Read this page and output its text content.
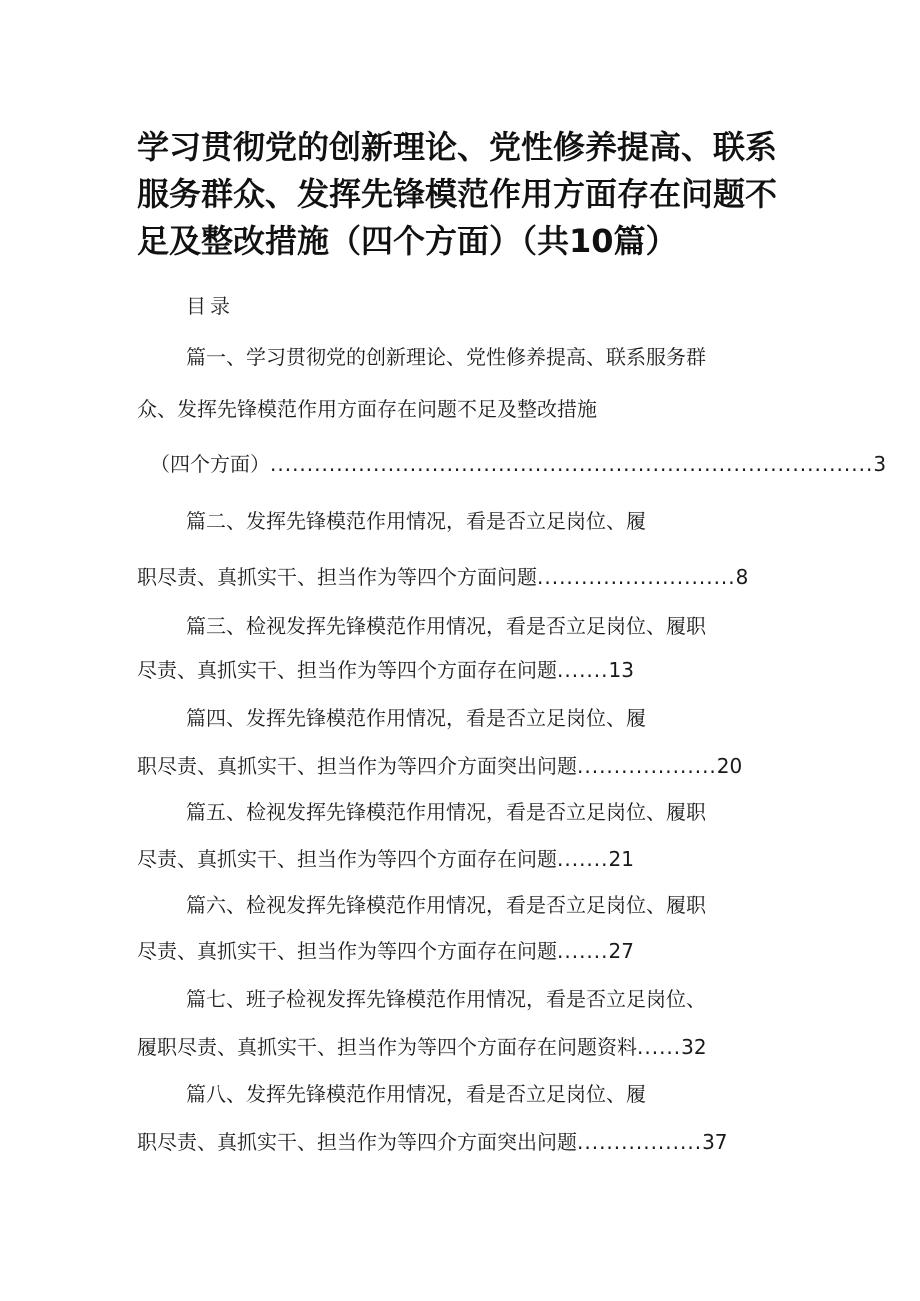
学习贯彻党的创新理论、党性修养提高、联系
服务群众、发挥先锋模范作用方面存在问题不
足及整改措施（四个方面）（共10篇）
目录
篇一、学习贯彻党的创新理论、党性修养提高、联系服务群
众、发挥先锋模范作用方面存在问题不足及整改措施
（四个方面） .................................................................................. 3
篇二、发挥先锋模范作用情况，看是否立足岗位、履
职尽责、真抓实干、担当作为等四个方面问题 ........................... 8
篇三、检视发挥先锋模范作用情况，看是否立足岗位、履职
尽责、真抓实干、担当作为等四个方面存在问题 ....... 13
篇四、发挥先锋模范作用情况，看是否立足岗位、履
职尽责、真抓实干、担当作为等四介方面突出问题 ................... 20
篇五、检视发挥先锋模范作用情况，看是否立足岗位、履职
尽责、真抓实干、担当作为等四个方面存在问题 ....... 21
篇六、检视发挥先锋模范作用情况，看是否立足岗位、履职
尽责、真抓实干、担当作为等四个方面存在问题 ....... 27
篇七、班子检视发挥先锋模范作用情况，看是否立足岗位、
履职尽责、真抓实干、担当作为等四个方面存在问题资料 ...... 32
篇八、发挥先锋模范作用情况，看是否立足岗位、履
职尽责、真抓实干、担当作为等四介方面突出问题 ................. 37
